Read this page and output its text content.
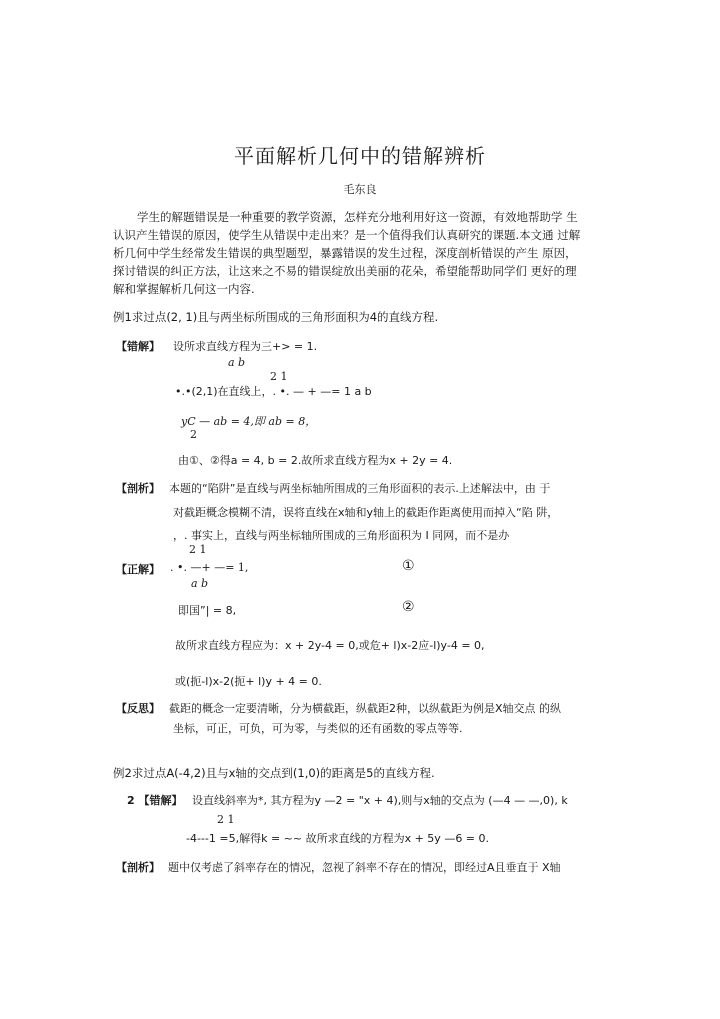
平面解析几何中的错解辨析
毛东良

学生的解题错误是一种重要的教学资源，怎样充分地利用好这一资源，有效地帮助学 生

认识产生错误的原因，使学生从错误中走出来？是一个值得我们认真研究的课题.本文通 过解

析几何中学生经常发生错误的典型题型，暴露错误的发生过程，深度剖析错误的产生 原因，

探讨错误的纠正方法，让这来之不易的错误绽放出美丽的花朵，希望能帮助同学们 更好的理

解和掌握解析几何这一内容.

例1求过点(2, 1)且与两坐标所围成的三角形面积为4的直线方程.
【错解】 设所求直线方程为三+> = 1.
a b
2 1
•.•(2,1)在直线上，. •. — + —= 1 a b
yC — ab = 4,即 ab = 8，
2
由①、②得a = 4, b = 2.故所求直线方程为x + 2y = 4.
【剖析】 本题的“陷阱”是直线与两坐标轴所围成的三角形面积的表示.上述解法中，由 于
对截距概念模糊不清，误将直线在x轴和y轴上的截距作距离使用而掉入“陷 阱，
，. 事实上，直线与两坐标轴所围成的三角形面积为 I 同网，而不是办
2 1
【正解】 . •. —+ —= 1,	①
a b
即国”| = 8,	②
故所求直线方程应为：x + 2y-4 = 0,或危+ l)x-2应-l)y-4 = 0,
或(扼-l)x-2(扼+ l)y + 4 = 0.
【反思】 截距的概念一定要清晰，分为横截距，纵截距2种，以纵截距为例是X轴交点 的纵
坐标，可正，可负，可为零，与类似的还有函数的零点等等.
例2求过点A(-4,2)且与x轴的交点到(1,0)的距离是5的直线方程.
2 【错解】 设直线斜率为*, 其方程为y —2 = "x + 4),则与x轴的交点为 (—4 — —,0), k
2 1
-4---1 =5,解得k = ~~ 故所求直线的方程为x + 5y —6 = 0.
【剖析】 题中仅考虑了斜率存在的情况，忽视了斜率不存在的情况，即经过A且垂直于 X轴
